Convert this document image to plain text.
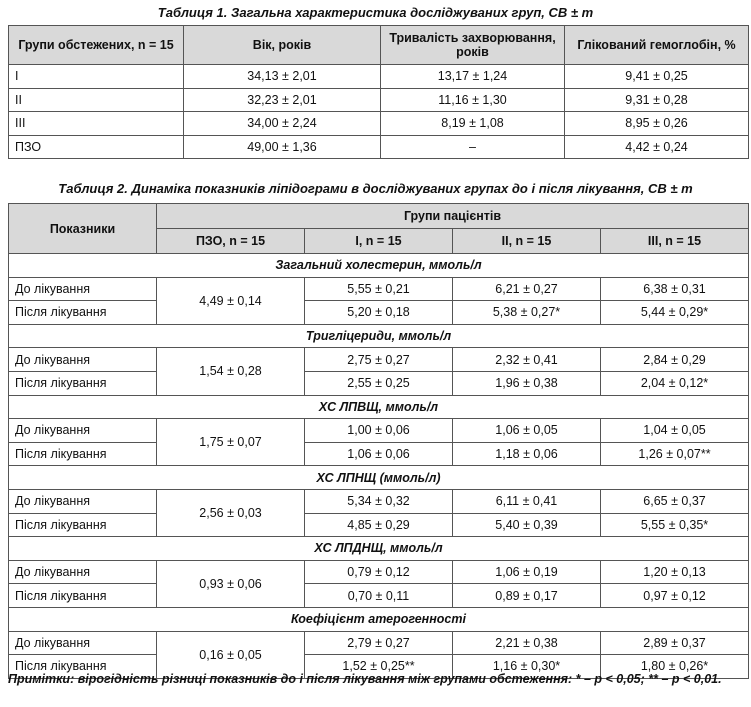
Таблиця 1. Загальна характеристика досліджуваних груп, CB ± m
Групи обстежених, n = 15	Вік, років	Тривалість захворювання, років	Глікований гемоглобін, %
I	34,13 ± 2,01	13,17 ± 1,24	9,41 ± 0,25
II	32,23 ± 2,01	11,16 ± 1,30	9,31 ± 0,28
III	34,00 ± 2,24	8,19 ± 1,08	8,95 ± 0,26
ПЗО	49,00 ± 1,36	–	4,42 ± 0,24
Таблиця 2. Динаміка показників ліпідограми в досліджуваних групах до і після лікування, CB ± m
Показники	Групи пацієнтів			
	ПЗО, n = 15	I, n = 15	II, n = 15	III, n = 15
Загальний холестерин, ммоль/л				
До лікування	4,49 ± 0,14	5,55 ± 0,21	6,21 ± 0,27	6,38 ± 0,31
Після лікування		5,20 ± 0,18	5,38 ± 0,27*	5,44 ± 0,29*
Тригліцериди, ммоль/л				
До лікування	1,54 ± 0,28	2,75 ± 0,27	2,32 ± 0,41	2,84 ± 0,29
Після лікування		2,55 ± 0,25	1,96 ± 0,38	2,04 ± 0,12*
ХС ЛПВЩ, ммоль/л				
До лікування	1,75 ± 0,07	1,00 ± 0,06	1,06 ± 0,05	1,04 ± 0,05
Після лікування		1,06 ± 0,06	1,18 ± 0,06	1,26 ± 0,07**
ХС ЛПНЩ (ммоль/л)				
До лікування	2,56 ± 0,03	5,34 ± 0,32	6,11 ± 0,41	6,65 ± 0,37
Після лікування		4,85 ± 0,29	5,40 ± 0,39	5,55 ± 0,35*
ХС ЛПДНЩ, ммоль/л				
До лікування	0,93 ± 0,06	0,79 ± 0,12	1,06 ± 0,19	1,20 ± 0,13
Після лікування		0,70 ± 0,11	0,89 ± 0,17	0,97 ± 0,12
Коефіцієнт атерогенності				
До лікування	0,16 ± 0,05	2,79 ± 0,27	2,21 ± 0,38	2,89 ± 0,37
Після лікування		1,52 ± 0,25**	1,16 ± 0,30*	1,80 ± 0,26*
Примітки: вірогідність різниці показників до і після лікування між групами обстеження: * – p < 0,05; ** – p < 0,01.
